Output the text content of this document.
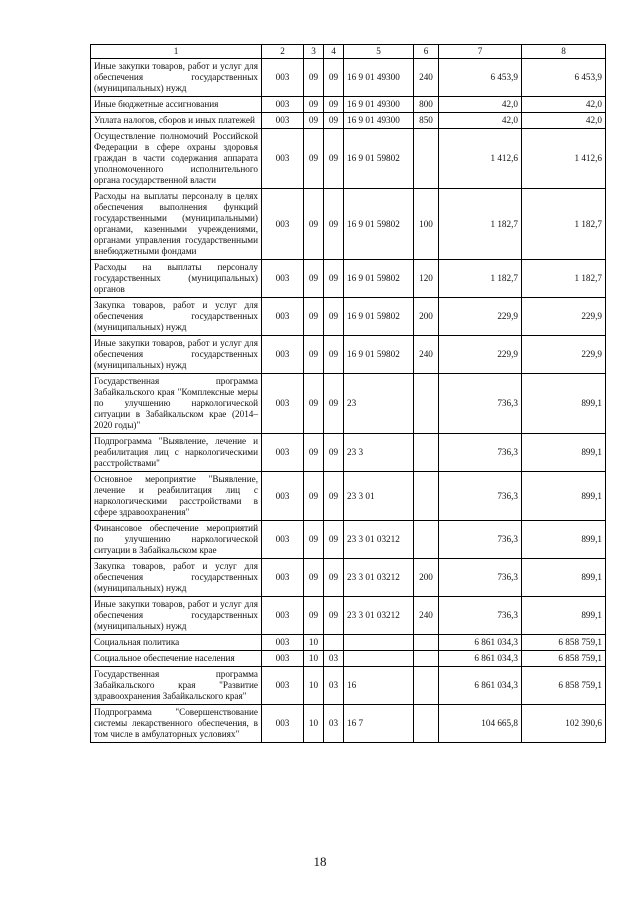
1	2	3	4	5	6	7	8
Иные закупки товаров, работ и услуг для обеспечения государственных (муниципальных) нужд	003	09	09	16 9 01 49300	240	6 453,9	6 453,9
Иные бюджетные ассигнования	003	09	09	16 9 01 49300	800	42,0	42,0
Уплата налогов, сборов и иных платежей	003	09	09	16 9 01 49300	850	42,0	42,0
Осуществление полномочий Российской Федерации в сфере охраны здоровья граждан в части содержания аппарата уполномоченного исполнительного органа государственной власти	003	09	09	16 9 01 59802		1 412,6	1 412,6
Расходы на выплаты персоналу в целях обеспечения выполнения функций государственными (муниципальными) органами, казенными учреждениями, органами управления государственными внебюджетными фондами	003	09	09	16 9 01 59802	100	1 182,7	1 182,7
Расходы на выплаты персоналу государственных (муниципальных) органов	003	09	09	16 9 01 59802	120	1 182,7	1 182,7
Закупка товаров, работ и услуг для обеспечения государственных (муниципальных) нужд	003	09	09	16 9 01 59802	200	229,9	229,9
Иные закупки товаров, работ и услуг для обеспечения государственных (муниципальных) нужд	003	09	09	16 9 01 59802	240	229,9	229,9
Государственная программа Забайкальского края "Комплексные меры по улучшению наркологической ситуации в Забайкальском крае (2014–2020 годы)"	003	09	09	23		736,3	899,1
Подпрограмма "Выявление, лечение и реабилитация лиц с наркологическими расстройствами"	003	09	09	23 3		736,3	899,1
Основное мероприятие "Выявление, лечение и реабилитация лиц с наркологическими расстройствами в сфере здравоохранения"	003	09	09	23 3 01		736,3	899,1
Финансовое обеспечение мероприятий по улучшению наркологической ситуации в Забайкальском крае	003	09	09	23 3 01 03212		736,3	899,1
Закупка товаров, работ и услуг для обеспечения государственных (муниципальных) нужд	003	09	09	23 3 01 03212	200	736,3	899,1
Иные закупки товаров, работ и услуг для обеспечения государственных (муниципальных) нужд	003	09	09	23 3 01 03212	240	736,3	899,1
Социальная политика	003	10				6 861 034,3	6 858 759,1
Социальное обеспечение населения	003	10	03			6 861 034,3	6 858 759,1
Государственная программа Забайкальского края "Развитие здравоохранения Забайкальского края"	003	10	03	16		6 861 034,3	6 858 759,1
Подпрограмма "Совершенствование системы лекарственного обеспечения, в том числе в амбулаторных условиях"	003	10	03	16 7		104 665,8	102 390,6
18
